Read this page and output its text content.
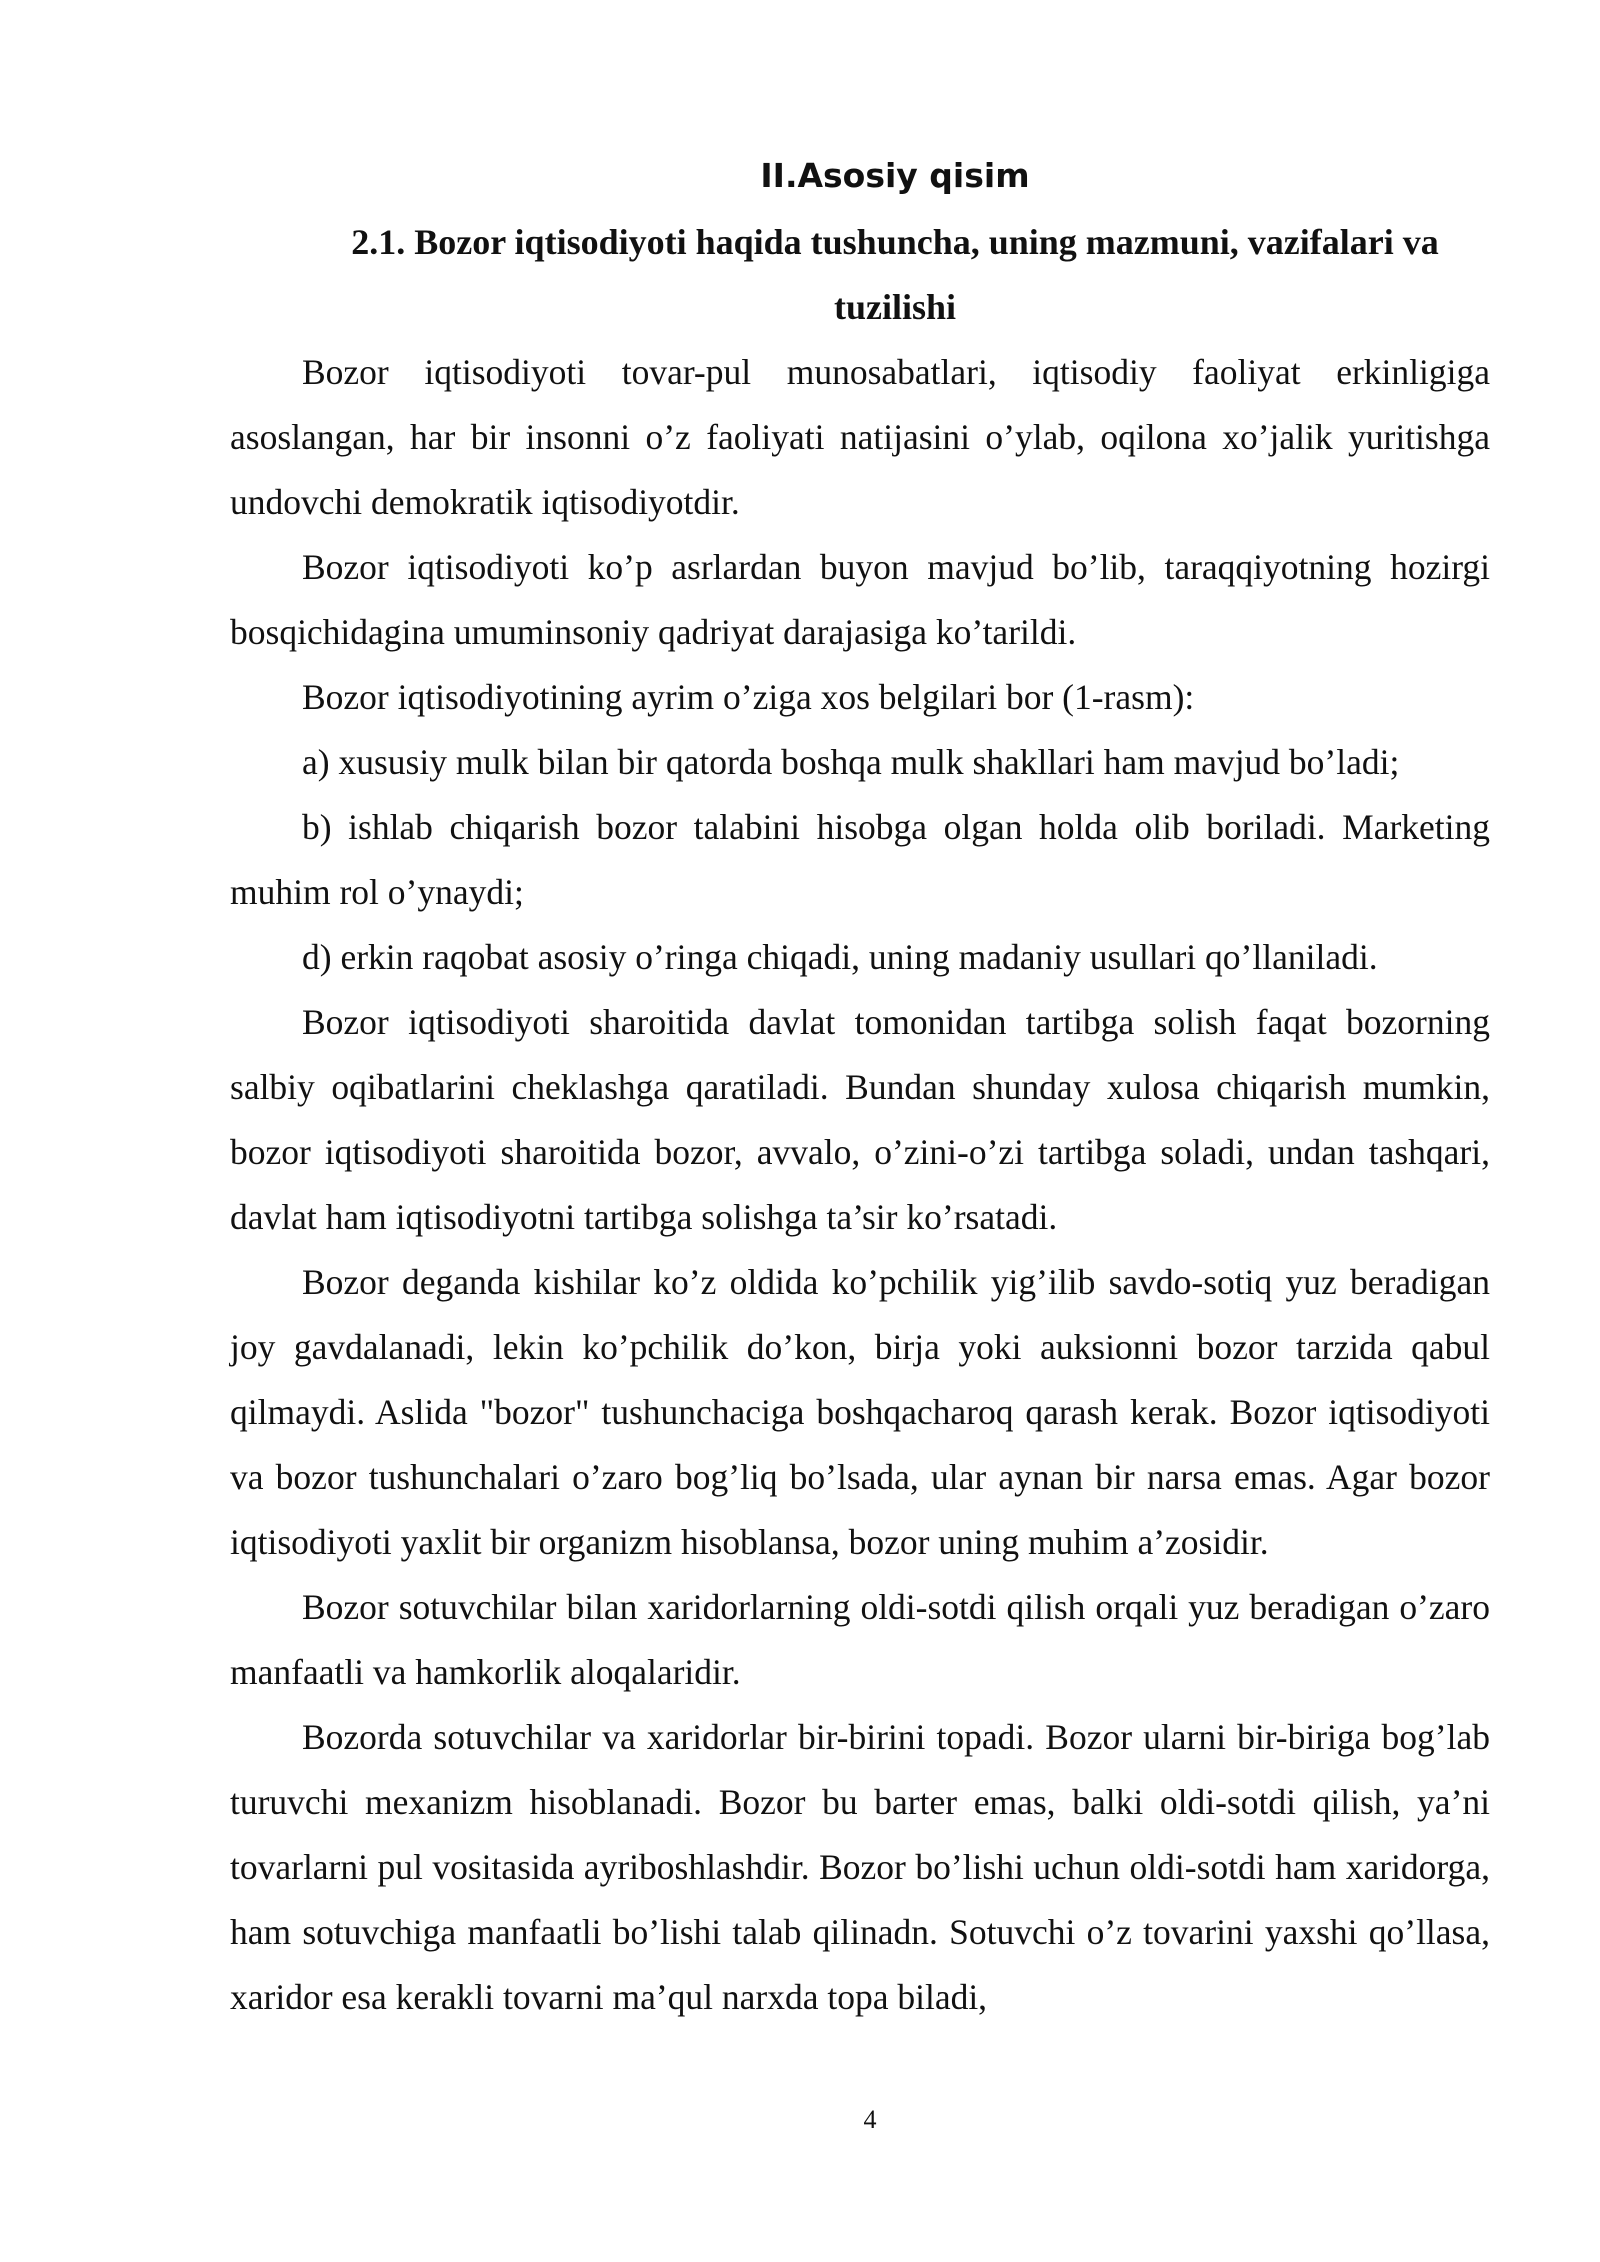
II.Asosiy qisim
2.1. Bozor iqtisodiyoti haqida tushuncha, uning mazmuni, vazifalari va tuzilishi

Bozor iqtisodiyoti tovar-pul munosabatlari, iqtisodiy faoliyat erkinligiga asoslangan, har bir insonni o’z faoliyati natijasini o’ylab, oqilona xo’jalik yuritishga undovchi demokratik iqtisodiyotdir.

Bozor iqtisodiyoti ko’p asrlardan buyon mavjud bo’lib, taraqqiyotning hozirgi bosqichidagina umuminsoniy qadriyat darajasiga ko’tarildi.

Bozor iqtisodiyotining ayrim o’ziga xos belgilari bor (1-rasm):

a) xususiy mulk bilan bir qatorda boshqa mulk shakllari ham mavjud bo’ladi;

b) ishlab chiqarish bozor talabini hisobga olgan holda olib boriladi. Marketing muhim rol o’ynaydi;

d) erkin raqobat asosiy o’ringa chiqadi, uning madaniy usullari qo’llaniladi.

Bozor iqtisodiyoti sharoitida davlat tomonidan tartibga solish faqat bozorning salbiy oqibatlarini cheklashga qaratiladi. Bundan shunday xulosa chiqarish mumkin, bozor iqtisodiyoti sharoitida bozor, avvalo, o’zini-o’zi tartibga soladi, undan tashqari, davlat ham iqtisodiyotni tartibga solishga ta’sir ko’rsatadi.

Bozor deganda kishilar ko’z oldida ko’pchilik yig’ilib savdo-sotiq yuz beradigan joy gavdalanadi, lekin ko’pchilik do’kon, birja yoki auksionni bozor tarzida qabul qilmaydi. Aslida "bozor" tushunchaciga boshqacharoq qarash kerak. Bozor iqtisodiyoti va bozor tushunchalari o’zaro bog’liq bo’lsada, ular aynan bir narsa emas. Agar bozor iqtisodiyoti yaxlit bir organizm hisoblansa, bozor uning muhim a’zosidir.

Bozor sotuvchilar bilan xaridorlarning oldi-sotdi qilish orqali yuz beradigan o’zaro manfaatli va hamkorlik aloqalaridir.

Bozorda sotuvchilar va xaridorlar bir-birini topadi. Bozor ularni bir-biriga bog’lab turuvchi mexanizm hisoblanadi. Bozor bu barter emas, balki oldi-sotdi qilish, ya’ni tovarlarni pul vositasida ayriboshlashdir. Bozor bo’lishi uchun oldi-sotdi ham xaridorga, ham sotuvchiga manfaatli bo’lishi talab qilinadn. Sotuvchi o’z tovarini yaxshi qo’llasa, xaridor esa kerakli tovarni ma’qul narxda topa biladi,

4
